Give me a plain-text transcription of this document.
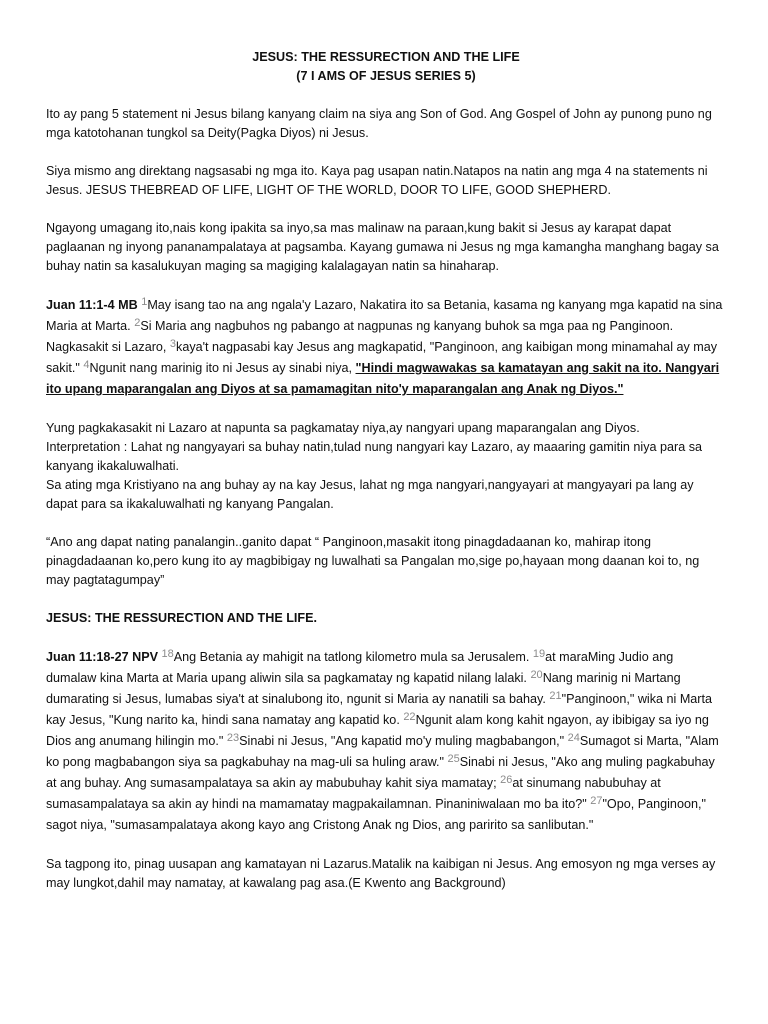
JESUS: THE RESSURECTION AND THE LIFE
(7 I AMS OF JESUS SERIES 5)

Ito ay pang 5 statement ni Jesus bilang kanyang claim na siya ang Son of God. Ang Gospel of John ay punong puno ng mga katotohanan tungkol sa Deity(Pagka Diyos) ni Jesus.

Siya mismo ang direktang nagsasabi ng mga ito. Kaya pag usapan natin.Natapos na natin ang mga 4 na statements ni Jesus. JESUS THEBREAD OF LIFE, LIGHT OF THE WORLD, DOOR TO LIFE, GOOD SHEPHERD.

Ngayong umagang ito,nais kong ipakita sa inyo,sa mas malinaw na paraan,kung bakit si Jesus ay karapat dapat paglaanan ng inyong pananampalataya at pagsamba. Kayang gumawa ni Jesus ng mga kamangha manghang bagay sa buhay natin sa kasalukuyan maging sa magiging kalalagayan natin sa hinaharap.

Juan 11:1-4 MB $^1$May isang tao na ang ngala'y Lazaro, Nakatira ito sa Betania, kasama ng kanyang mga kapatid na sina Maria at Marta. $^2$Si Maria ang nagbuhos ng pabango at nagpunas ng kanyang buhok sa mga paa ng Panginoon. Nagkasakit si Lazaro, $^3$kaya't nagpasabi kay Jesus ang magkapatid, "Panginoon, ang kaibigan mong minamahal ay may sakit." $^4$Ngunit nang marinig ito ni Jesus ay sinabi niya, "Hindi magwawakas sa kamatayan ang sakit na ito. Nangyari ito upang maparangalan ang Diyos at sa pamamagitan nito'y maparangalan ang Anak ng Diyos."

Yung pagkakasakit ni Lazaro at napunta sa pagkamatay niya,ay nangyari upang maparangalan ang Diyos.
Interpretation : Lahat ng nangyayari sa buhay natin,tulad nung nangyari kay Lazaro, ay maaaring gamitin niya para sa kanyang ikakaluwalhati.
Sa ating mga Kristiyano na ang buhay ay na kay Jesus, lahat ng mga nangyari,nangyayari at mangyayari pa lang ay dapat para sa ikakaluwalhati ng kanyang Pangalan.

“Ano ang dapat nating panalangin..ganito dapat “ Panginoon,masakit itong pinagdadaanan ko, mahirap itong pinagdadaanan ko,pero kung ito ay magbibigay ng luwalhati sa Pangalan mo,sige po,hayaan mong daanan koi to, ng may pagtatagumpay”

JESUS: THE RESSURECTION AND THE LIFE.

Juan 11:18-27 NPV $^{18}$Ang Betania ay mahigit na tatlong kilometro mula sa Jerusalem. $^{19}$at maraMing Judio ang dumalaw kina Marta at Maria upang aliwin sila sa pagkamatay ng kapatid nilang lalaki. $^{20}$Nang marinig ni Martang dumarating si Jesus, lumabas siya't at sinalubong ito, ngunit si Maria ay nanatili sa bahay. $^{21}$"Panginoon," wika ni Marta kay Jesus, "Kung narito ka, hindi sana namatay ang kapatid ko. $^{22}$Ngunit alam kong kahit ngayon, ay ibibigay sa iyo ng Dios ang anumang hilingin mo." $^{23}$Sinabi ni Jesus, "Ang kapatid mo'y muling magbabangon," $^{24}$Sumagot si Marta, "Alam ko pong magbabangon siya sa pagkabuhay na mag-uli sa huling araw." $^{25}$Sinabi ni Jesus, "Ako ang muling pagkabuhay at ang buhay. Ang sumasampalataya sa akin ay mabubuhay kahit siya mamatay; $^{26}$at sinumang nabubuhay at sumasampalataya sa akin ay hindi na mamamatay magpakailamnan. Pinaniniwalaan mo ba ito?" $^{27}$"Opo, Panginoon," sagot niya, "sumasampalataya akong kayo ang Cristong Anak ng Dios, ang paririto sa sanlibutan."

Sa tagpong ito, pinag uusapan ang kamatayan ni Lazarus.Matalik na kaibigan ni Jesus. Ang emosyon ng mga verses ay may lungkot,dahil may namatay, at kawalang pag asa.(E Kwento ang Background)
